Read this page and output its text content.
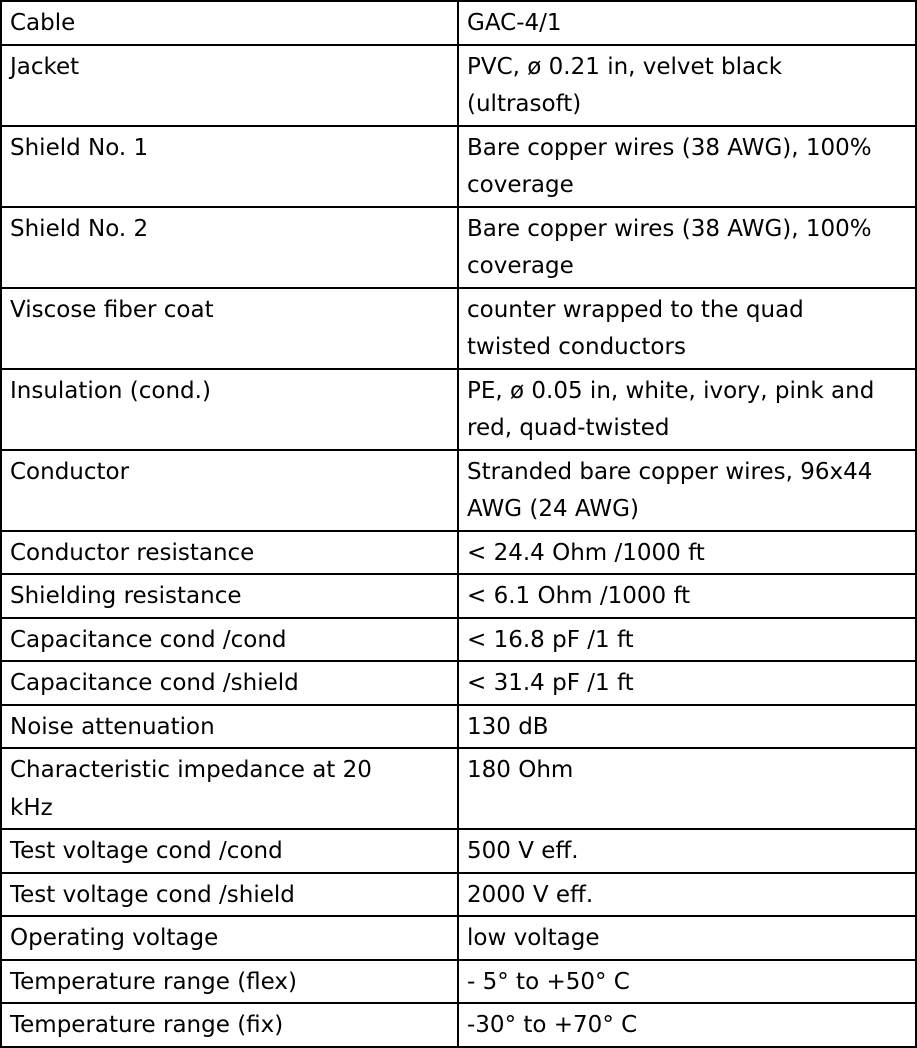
Cable	GAC-4/1

Jacket	PVC, ø 0.21 in, velvet black
(ultrasoft)

Shield No. 1	Bare copper wires (38 AWG), 100%
coverage

Shield No. 2	Bare copper wires (38 AWG), 100%
coverage

Viscose fiber coat	counter wrapped to the quad
twisted conductors

Insulation (cond.)	PE, ø 0.05 in, white, ivory, pink and
red, quad-twisted

Conductor	Stranded bare copper wires, 96x44
AWG (24 AWG)

Conductor resistance	< 24.4 Ohm /1000 ft

Shielding resistance	< 6.1 Ohm /1000 ft

Capacitance cond /cond	< 16.8 pF /1 ft

Capacitance cond /shield	< 31.4 pF /1 ft

Noise attenuation	130 dB

Characteristic impedance at 20
kHz	180 Ohm

Test voltage cond /cond	500 V eff.

Test voltage cond /shield	2000 V eff.

Operating voltage	low voltage

Temperature range (flex)	- 5° to +50° C

Temperature range (fix)	-30° to +70° C
